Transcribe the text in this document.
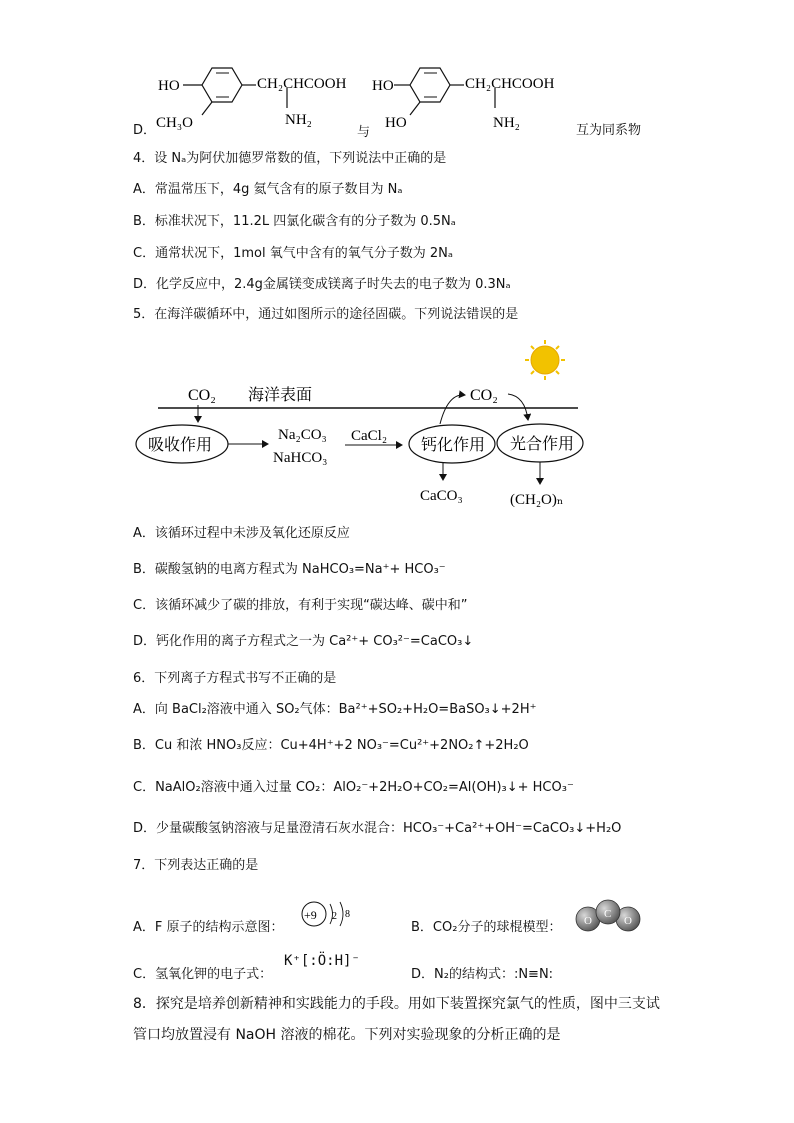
D．
HO
CH₃O
CH₂CHCOOH
NH₂
与
HO
HO
CH₂CHCOOH
NH₂	互为同系物
4．设 Nₐ为阿伏加德罗常数的值，下列说法中正确的是
A．常温常压下，4g 氦气含有的原子数目为 Nₐ
B．标准状况下，11.2L 四氯化碳含有的分子数为 0.5Nₐ
C．通常状况下，1mol 氧气中含有的氧气分子数为 2Nₐ
D．化学反应中，2.4g金属镁变成镁离子时失去的电子数为 0.3Nₐ
5．在海洋碳循环中，通过如图所示的途径固碳。下列说法错误的是
CO₂ 海洋表面
吸收作用
Na₂CO₃
NaHCO₃
CaCl₂
钙化作用 光合作用
CO₂
CaCO₃	(CH₂O)ₙ
A．该循环过程中未涉及氧化还原反应
B．碳酸氢钠的电离方程式为 NaHCO₃=Na⁺+ HCO₃⁻
C．该循环减少了碳的排放，有利于实现“碳达峰、碳中和”
D．钙化作用的离子方程式之一为 Ca²⁺+ CO₃²⁻=CaCO₃↓
6．下列离子方程式书写不正确的是
A．向 BaCl₂溶液中通入 SO₂气体：Ba²⁺+SO₂+H₂O=BaSO₃↓+2H⁺
B．Cu 和浓 HNO₃反应：Cu+4H⁺+2 NO₃⁻=Cu²⁺+2NO₂↑+2H₂O
C．NaAlO₂溶液中通入过量 CO₂：AlO₂⁻+2H₂O+CO₂=Al(OH)₃↓+ HCO₃⁻
D．少量碳酸氢钠溶液与足量澄清石灰水混合：HCO₃⁻+Ca²⁺+OH⁻=CaCO₃↓+H₂O
7．下列表达正确的是
A．F 原子的结构示意图：
+9 2 8
B．CO₂分子的球棍模型：
C
O	O
C．氢氧化钾的电子式：
K⁺[:Ö:H]⁻
D．N₂的结构式：:N≡N:
8．探究是培养创新精神和实践能力的手段。用如下装置探究氯气的性质，图中三支试
管口均放置浸有 NaOH 溶液的棉花。下列对实验现象的分析正确的是
